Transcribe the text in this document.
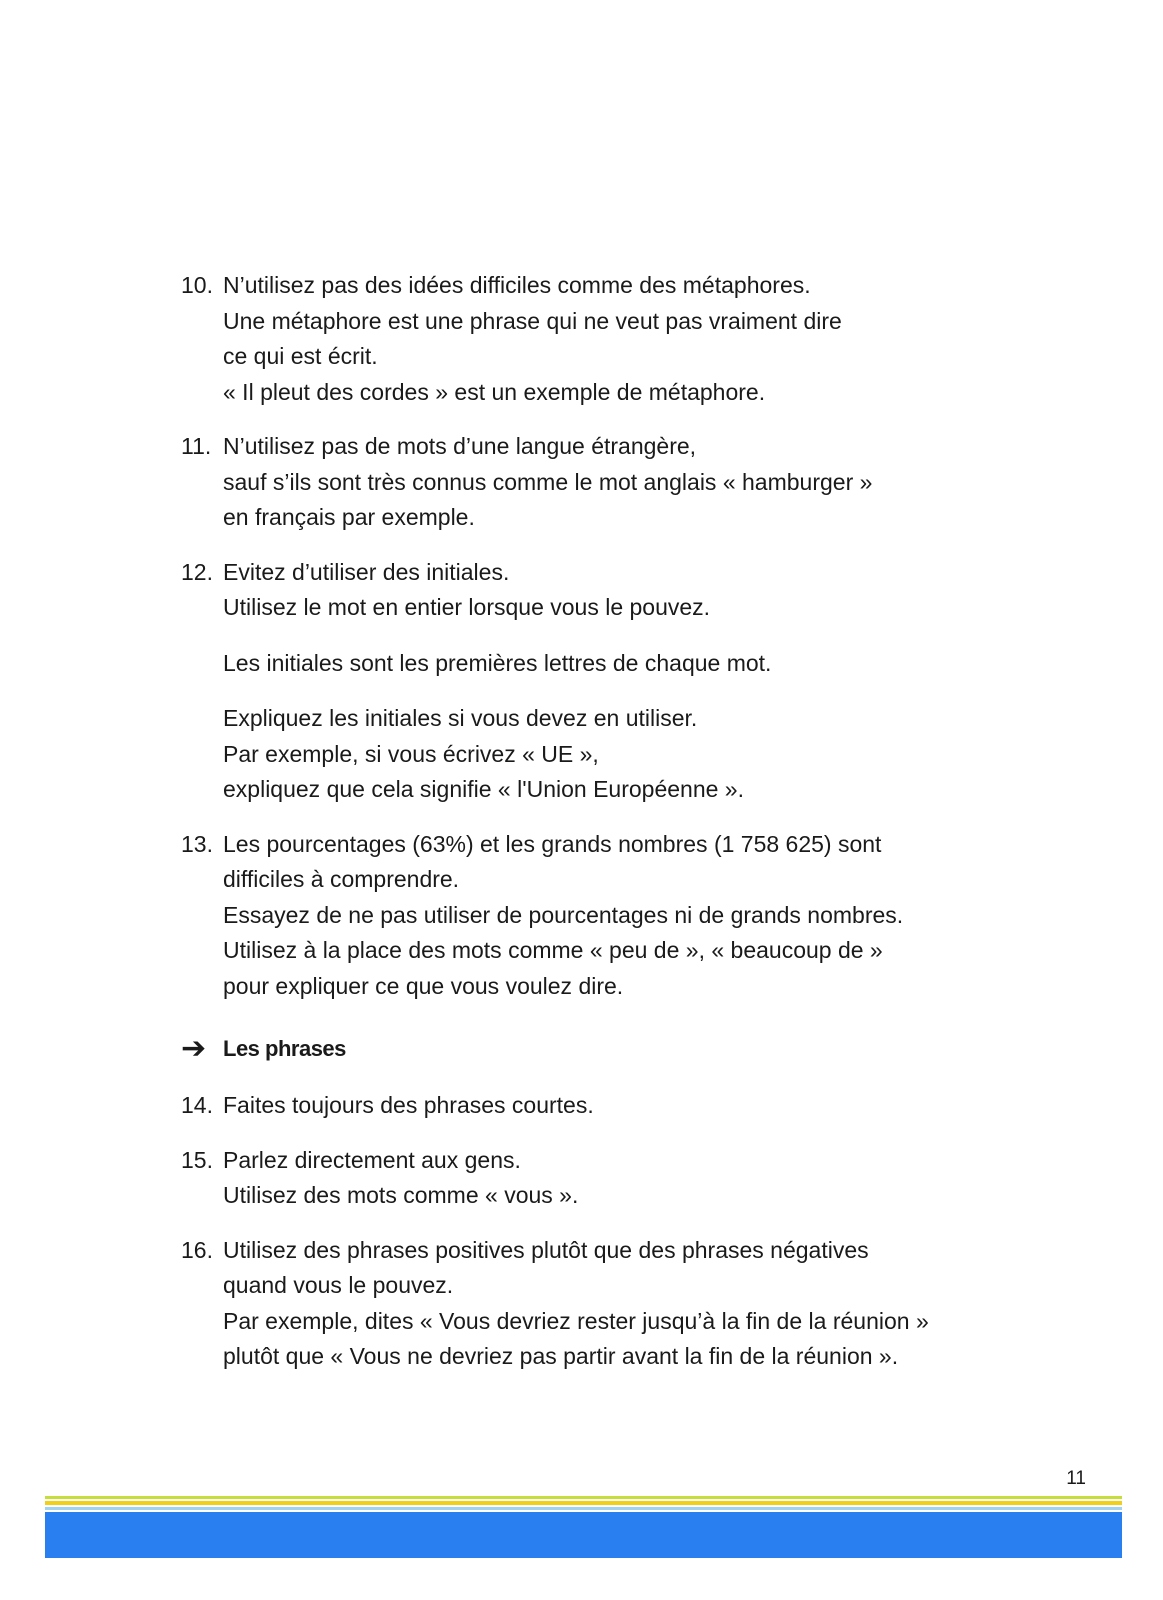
10. N’utilisez pas des idées difficiles comme des métaphores.

Une métaphore est une phrase qui ne veut pas vraiment dire

ce qui est écrit.

« Il pleut des cordes » est un exemple de métaphore.

11. N’utilisez pas de mots d’une langue étrangère,

sauf s’ils sont très connus comme le mot anglais « hamburger »

en français par exemple.

12. Evitez d’utiliser des initiales.

Utilisez le mot en entier lorsque vous le pouvez.

Les initiales sont les premières lettres de chaque mot.

Expliquez les initiales si vous devez en utiliser.

Par exemple, si vous écrivez « UE »,

expliquez que cela signifie « l'Union Européenne ».

13. Les pourcentages (63%) et les grands nombres (1 758 625) sont

difficiles à comprendre.

Essayez de ne pas utiliser de pourcentages ni de grands nombres.

Utilisez à la place des mots comme « peu de », « beaucoup de »

pour expliquer ce que vous voulez dire.

➔ Les phrases
14. Faites toujours des phrases courtes.

15. Parlez directement aux gens.

Utilisez des mots comme « vous ».

16. Utilisez des phrases positives plutôt que des phrases négatives

quand vous le pouvez.

Par exemple, dites « Vous devriez rester jusqu’à la fin de la réunion »

plutôt que « Vous ne devriez pas partir avant la fin de la réunion ».

11
